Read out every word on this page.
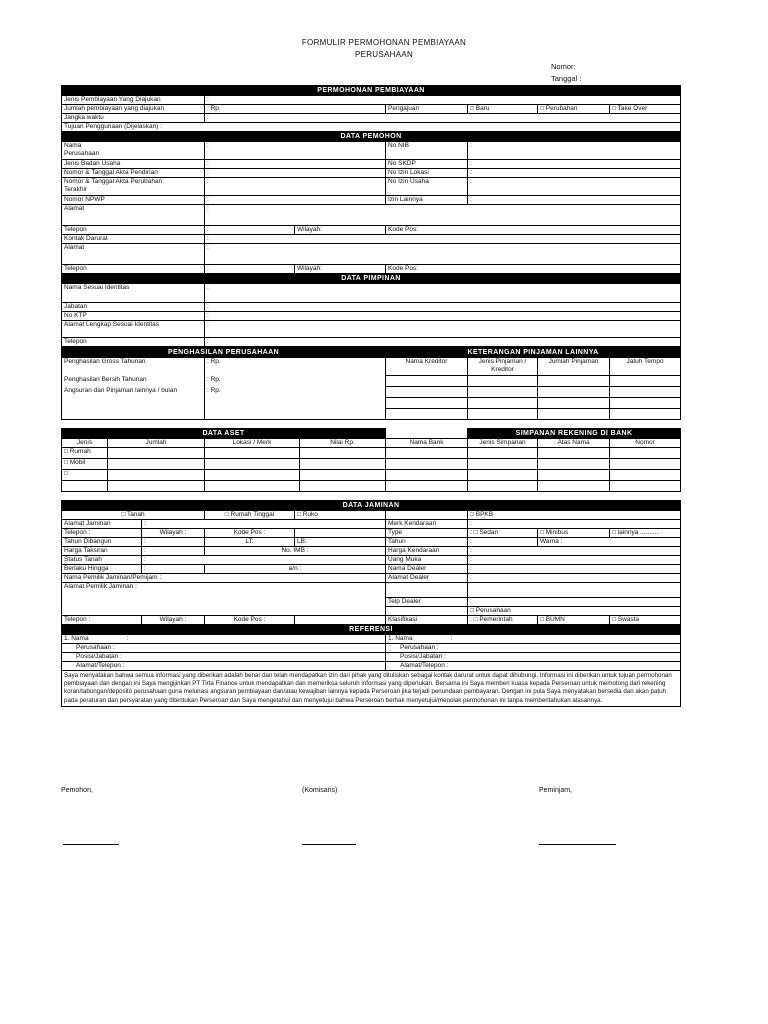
FORMULIR PERMOHONAN PEMBIAYAAN
PERUSAHAAN
Nomor:
Tanggal :
PERMOHONAN PEMBIAYAAN						
Jenis Pembiayaan Yang Diajukan	:					
Jumlah pembiayaan yang diajukan	: Rp.		Pengajuan	□ Baru	□ Perubahan	□ Take Over
Jangka waktu	:					
Tujuan Penggunaan (Dijelaskan) :						
DATA PEMOHON						
Nama
Perusahaan	:		No NIB	:		
Jenis Badan Usaha	:		No SKDP	:		
Nomor & Tanggal Akta Pendirian	:		No Izin Lokasi	:		
Nomor & Tanggal Akta Perubahan
Terakhir	:		No Izin Usaha	:		
Nomor NPWP	:		Izin Lainnya	:		
Alamat	:					
Telepon	:	Wilayah:	Kode Pos:			
Kontak Darurat	:					
Alamat	:					
Telepon	:	Wilayah:	Kode Pos:			
DATA PIMPINAN						
Nama Sesuai Identitas	:					
Jabatan	:					
No KTP	:					
Alamat Lengkap Sesuai Identitas	:					
Telepon	:					
PENGHASILAN PERUSAHAAN		KETERANGAN PINJAMAN LAINNYA			
Penghasilan Gross Tahunan	: Rp.	Nama Kreditor	Jenis Pinjaman /
Kreditor	Jumlah Pinjaman	Jatuh Tempo
Penghasilan Bersih Tahunan	: Rp.				
Angsuran dari Pinjaman lainnya / bulan	: Rp.				

DATA ASET					SIMPANAN REKENING DI BANK		
Jenis	Jumlah	Lokasi / Merk	Nilai Rp.	Nama Bank	Jenis Simpanan	Atas Nama	Nomor
□ Rumah							
□ Mobil							
□							

DATA JAMINAN							
□ Tanah		□ Rumah Tinggal	□ Ruko		□ BPKB		
Alamat Jaminan	:			Merk Kendaraan	:		
Telepon :	Wilayah :	Kode Pos :		Type	: □ Sedan	□ Minibus	□ lainnya ..........
Tahun Dibangun	:	LT:	LB:	Tahun	:	Warna :	
Harga Taksiran	:	No. IMB :		Harga Kendaraan	:		
Status Tanah	:			Uang Muka	:		
Berlaku Hingga	:	a/n :		Nama Dealer	:		
Nama Pemilik Jaminan/Pemijam :				Alamat Dealer	:		
Alamat Pemilik Jaminan :							
				Telp Dealer	:		
					□ Perusahaan		
Telepon :	Wilayah :	Kode Pos :		Klasifikasi	: □ Pemerintah	□ BUMN	□ Swasta
REFERENSI							
1. Nama :				1. Nama :			
Perusahaan :				Perusahaan :			
Posisi/Jabatan :				Posisi/Jabatan :			
Alamat/Telepon :				Alamat/Telepon :			
Saya menyatakan bahwa semua informasi yang diberikan adalah benar dan telah mendapatkan izin dari pihak yang dituliskan sebagai kontak darurat untuk dapat dihubungi. Informasi ini diberikan untuk tujuan permohonan pembiayaan dan dengan ini Saya mengijinkan PT Tirta Finance untuk mendapatkan dan memeriksa seluruh informasi yang diperlukan. Bersama ini Saya memberi kuasa kepada Perseroan untuk memotong dari rekening koran/tabungan/deposito perusahaan guna melunasi angsuran pembiayaan dan/atau kewajiban lainnya kepada Perseroan jika terjadi penundaan pembayaran. Dengan ini pula Saya menyatakan bersedia dan akan patuh pada peraturan dan persyaratan yang ditentukan Perseroan dan Saya mengetahui dan menyetujui bahwa Perseroan berhak menyetujui/menolak permohonan ini tanpa memberitahukan alasannya.							
Pemohon,	(Komisaris)	Peminjam,
